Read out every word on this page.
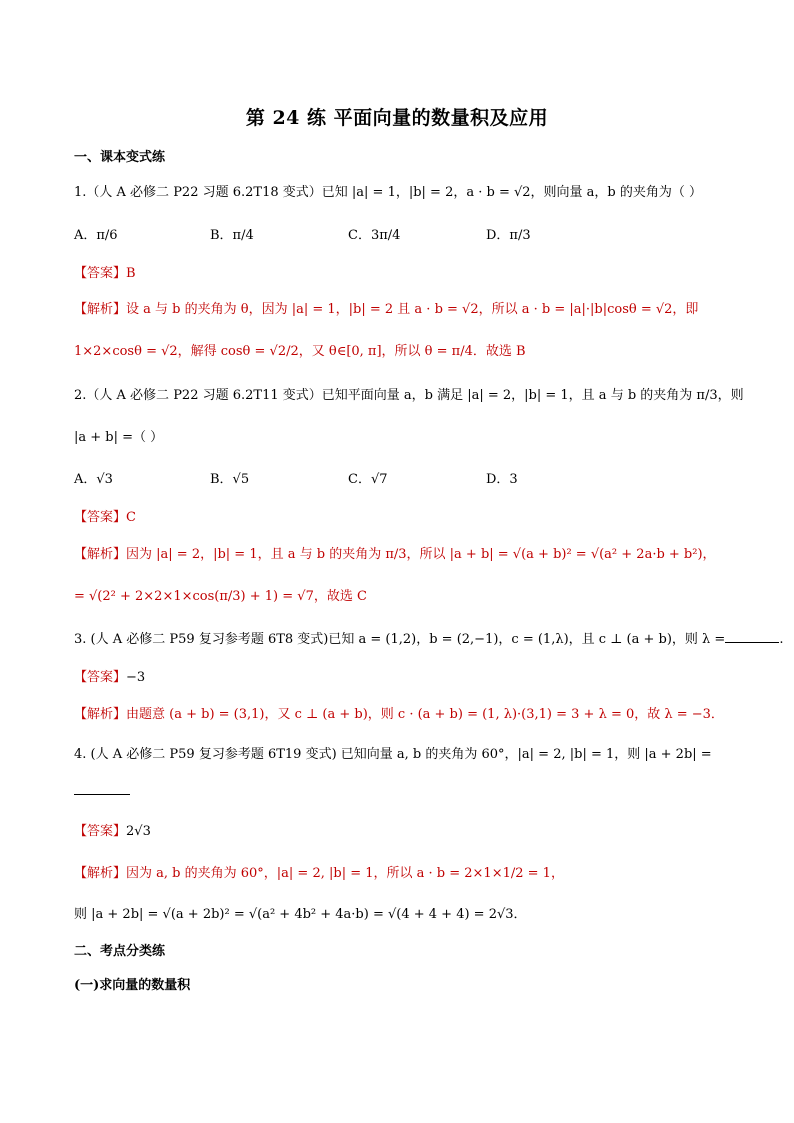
第 24 练 平面向量的数量积及应用
一、课本变式练
1.（人 A 必修二 P22 习题 6.2T18 变式）已知 |a| = 1，|b| = 2，a · b = √2，则向量 a，b 的夹角为（ ）
A．π/6	B．π/4	C．3π/4	D．π/3
【答案】B
【解析】设 a 与 b 的夹角为 θ，因为 |a| = 1，|b| = 2 且 a · b = √2，所以 a · b = |a|·|b|cosθ = √2，即
1×2×cosθ = √2，解得 cosθ = √2/2，又 θ∈[0, π]，所以 θ = π/4．故选 B
2.（人 A 必修二 P22 习题 6.2T11 变式）已知平面向量 a，b 满足 |a| = 2，|b| = 1，且 a 与 b 的夹角为 π/3，则
|a + b| =（ ）
A．√3	B．√5	C．√7	D．3
【答案】C
【解析】因为 |a| = 2，|b| = 1，且 a 与 b 的夹角为 π/3，所以 |a + b| = √(a + b)² = √(a² + 2a·b + b²)，
= √(2² + 2×2×1×cos(π/3) + 1) = √7，故选 C
3. (人 A 必修二 P59 复习参考题 6T8 变式)已知 a = (1,2)，b = (2,−1)，c = (1,λ)，且 c ⊥ (a + b)，则 λ =	.
【答案】−3
【解析】由题意 (a + b) = (3,1)，又 c ⊥ (a + b)，则 c · (a + b) = (1, λ)·(3,1) = 3 + λ = 0，故 λ = −3．
4. (人 A 必修二 P59 复习参考题 6T19 变式) 已知向量 a, b 的夹角为 60°，|a| = 2, |b| = 1，则 |a + 2b| =
【答案】2√3
【解析】因为 a, b 的夹角为 60°，|a| = 2, |b| = 1，所以 a · b = 2×1×1/2 = 1，
则 |a + 2b| = √(a + 2b)² = √(a² + 4b² + 4a·b) = √(4 + 4 + 4) = 2√3．
二、考点分类练
(一)求向量的数量积
